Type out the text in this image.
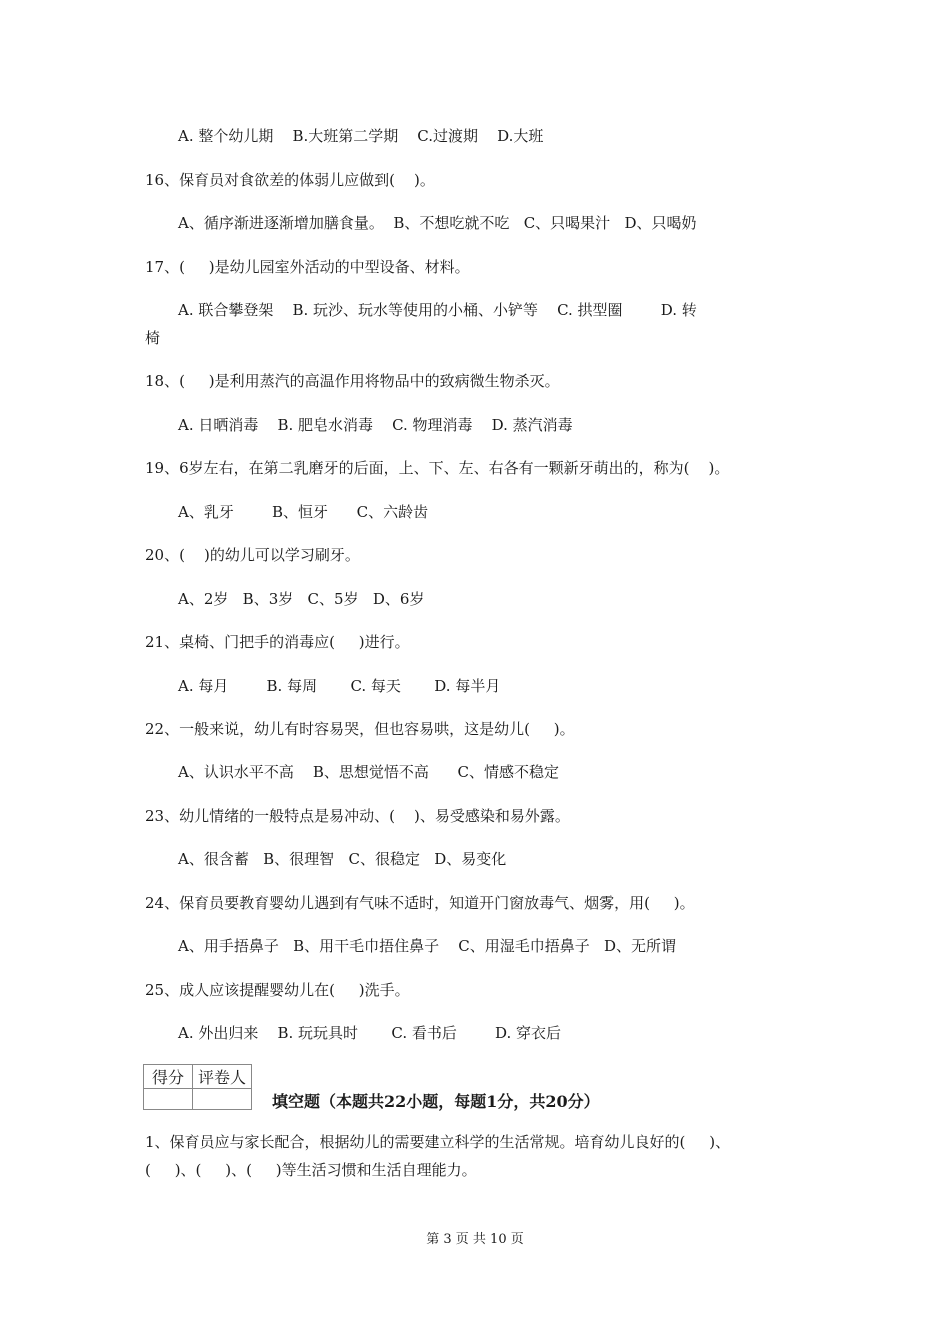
A. 整个幼儿期    B.大班第二学期    C.过渡期    D.大班
16、保育员对食欲差的体弱儿应做到(    )。
A、循序渐进逐渐增加膳食量。  B、不想吃就不吃   C、只喝果汁   D、只喝奶
17、(     )是幼儿园室外活动的中型设备、材料。
A. 联合攀登架    B. 玩沙、玩水等使用的小桶、小铲等    C. 拱型圈        D. 转
椅
18、(     )是利用蒸汽的高温作用将物品中的致病微生物杀灭。
A. 日晒消毒    B. 肥皂水消毒    C. 物理消毒    D. 蒸汽消毒
19、6岁左右，在第二乳磨牙的后面，上、下、左、右各有一颗新牙萌出的，称为(    )。
A、乳牙        B、恒牙      C、六龄齿
20、(    )的幼儿可以学习刷牙。
A、2岁   B、3岁   C、5岁   D、6岁
21、桌椅、门把手的消毒应(     )进行。
A. 每月        B. 每周       C. 每天       D. 每半月
22、一般来说，幼儿有时容易哭，但也容易哄，这是幼儿(     )。
A、认识水平不高    B、思想觉悟不高      C、情感不稳定
23、幼儿情绪的一般特点是易冲动、(    )、易受感染和易外露。
A、很含蓄   B、很理智   C、很稳定   D、易变化
24、保育员要教育婴幼儿遇到有气味不适时，知道开门窗放毒气、烟雾，用(     )。
A、用手捂鼻子   B、用干毛巾捂住鼻子    C、用湿毛巾捂鼻子   D、无所谓
25、成人应该提醒婴幼儿在(     )洗手。
A. 外出归来    B. 玩玩具时       C. 看书后        D. 穿衣后
得分	评卷人

填空题（本题共22小题，每题1分，共20分）
1、保育员应与家长配合，根据幼儿的需要建立科学的生活常规。培育幼儿良好的(     )、
(     )、(     )、(     )等生活习惯和生活自理能力。
第 3 页 共 10 页
